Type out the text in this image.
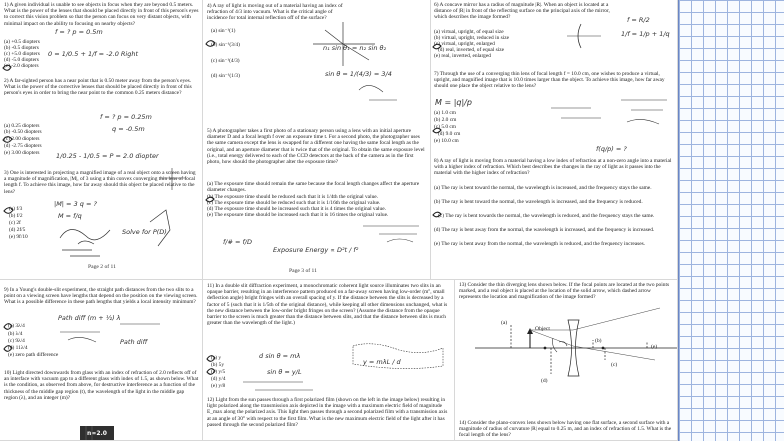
1) A given individual is unable to see objects in focus when they are beyond 0.5 meters. What is the power of the lenses that should be placed directly in front of this person's eyes to correct this vision problem so that the person can focus on very distant objects, with minimal impact on the ability to focusing on nearby objects?
(a) +0.5 diopters
(b) -0.5 diopters
(c) +5.0 diopters
(d) -5.0 diopters
(e) -2.0 diopters
f = ? p = 0.5m
0 = 1/0.5 + 1/f = -2.0 Right
2) A far-sighted person has a near point that is 0.50 meter away from the person's eyes. What is the power of the corrective lenses that should be placed directly in front of this person's eyes in order to bring the near point to the common 0.25 meters distance?
(a) 0.25 diopters
(b) -0.50 diopters
(c) 2.00 diopters
(d) -2.75 diopters
(e) 3.00 diopters
f = ? p = 0.25m
q = -0.5m
1/0.25 - 1/0.5 = P = 2.0 diopter
3) One is interested in projecting a magnified image of a real object onto a screen having a magnitude of magnification, |M|, of 3 using a thin convex converging thin lens of focal length f. To achieve this image, how far away should this object be placed relative to the lens?
(a) f/3
(b) f/2
(c) 2f
(d) 2f/5
(e) 9f/10
|M| = 3 q = ?
M = f/q
Solve for P(D)
Page 2 of 11
4) A ray of light is moving out of a material having an index of refraction of 4/3 into vacuum. What is the critical angle of incidence for total internal reflection off of the surface?
(a) sin⁻¹(1)
(b) sin⁻¹(3/4)
(c) sin⁻¹(4/3)
(d) sin⁻¹(1/3)
n₁ sin θ₁ = n₂ sin θ₂
sin θ = 1/(4/3) = 3/4
5) A photographer takes a first photo of a stationary person using a lens with an initial aperture diameter D and a focal length f over an exposure time t. For a second photo, the photographer uses the same camera except the lens is swapped for a different one having the same focal length as the original, and an aperture diameter that is twice that of the original. To obtain the same exposure level (i.e., total energy delivered to each of the CCD detectors at the back of the camera as in the first photo, how should the photographer alter the exposure time?
(a) The exposure time should remain the same because the focal length changes affect the aperture diameter changes.
(b) The exposure time should be reduced such that it is 1/4th the original value.
(c) The exposure time should be reduced such that it is 1/16th the original value.
(d) The exposure time should be increased such that it is 4 times the original value.
(e) The exposure time should be increased such that it is 16 times the original value.
f/# = f/D
Exposure Energy ∝ D²t / f²
Page 3 of 11
6) A concave mirror has a radius of magnitude |R|. When an object is located at a distance of |R| in front of the reflecting surface on the principal axis of the mirror, which describes the image formed?
(a) virtual, upright, of equal size
(b) virtual, upright, reduced in size
(c) virtual, upright, enlarged
(d) real, inverted, of equal size
(e) real, inverted, enlarged
f = R/2
1/f = 1/p + 1/q
7) Through the use of a converging thin lens of focal length f = 10.0 cm, one wishes to produce a virtual, upright, and magnified image that is 10.0 times larger than the object. To achieve this image, how far away should one place the object relative to the lens?
(a) 1.0 cm
(b) 2.0 cm
(c) 5.0 cm
(d) 9.0 cm
(e) 10.0 cm
M = |q|/p
f(q/p) = ?
8) A ray of light is moving from a material having a low index of refraction at a non-zero angle into a material with a higher index of refraction. Which best describes the changes in the ray of light as it passes into the material with the higher index of refraction?
(a) The ray is bent toward the normal, the wavelength is increased, and the frequency stays the same.
(b) The ray is bent toward the normal, the wavelength is increased, and the frequency is reduced.
(c) The ray is bent towards the normal, the wavelength is reduced, and the frequency stays the same.
(d) The ray is bent away from the normal, the wavelength is increased, and the frequency is increased.
(e) The ray is bent away from the normal, the wavelength is reduced, and the frequency increases.
9) In a Young's double-slit experiment, the straight path distances from the two slits to a point on a viewing screen have lengths that depend on the position on the viewing screen. What is a possible difference in these path lengths that yields a local intensity minimum?
(a) 3λ/4
(b) λ/4
(c) 9λ/4
(d) 11λ/4
(e) zero path difference
Path diff (m + ½) λ
Path diff
10) Light directed downwards from glass with an index of refraction of 2.0 reflects off of an interface with vacuum gap to a different glass with index of 1.5, as shown below. What is the condition, as observed from above, for destructive interference as a function of the thickness of the middle gap region (t), the wavelength of the light in the middle gap region (λ), and an integer (m)?
n=2.0
11) In a double slit diffraction experiment, a monochromatic coherent light source illuminates two slits in an opaque barrier, resulting in an interference pattern produced on a far-away screen having low-order (m'', small deflection angle) bright fringes with an overall spacing of y. If the distance between the slits is decreased by a factor of 5 (such that it is 1/5th of the original distance), while keeping all other dimensions unchanged, what is the new distance between the low-order bright fringes on the screen? (Assume the distance from the opaque barrier to the screen is much greater than the distance between slits, and that the distance between slits is much greater than the wavelength of the light.)
(a) y
(b) 5y
(c) y/5
(d) y/4
(e) y/8
d sin θ = mλ
sin θ ≈ y/L
y = mλL / d
12) Light from the sun passes through a first polarized film (shown on the left in the image below) resulting in light polarized along the transmission axis depicted in the image with a maximum electric field of magnitude E_max along the polarized axis. This light then passes through a second polarized film with a transmission axis at an angle of 30° with respect to the first film. What is the new maximum electric field of the light after it has passed through the second polarized film?
13) Consider the thin diverging lens shown below. If the focal points are located at the two points marked, and a real object is placed at the location of the solid arrow, which dashed arrow represents the location and magnification of the image formed?
(a)
Object
(b)
(c)
(d)
(e)
14) Consider the plano-convex lens shown below having one flat surface, a second surface with a magnitude of radius of curvature |R| equal to 0.25 m, and an index of refraction of 1.5. What is the focal length of the lens?
